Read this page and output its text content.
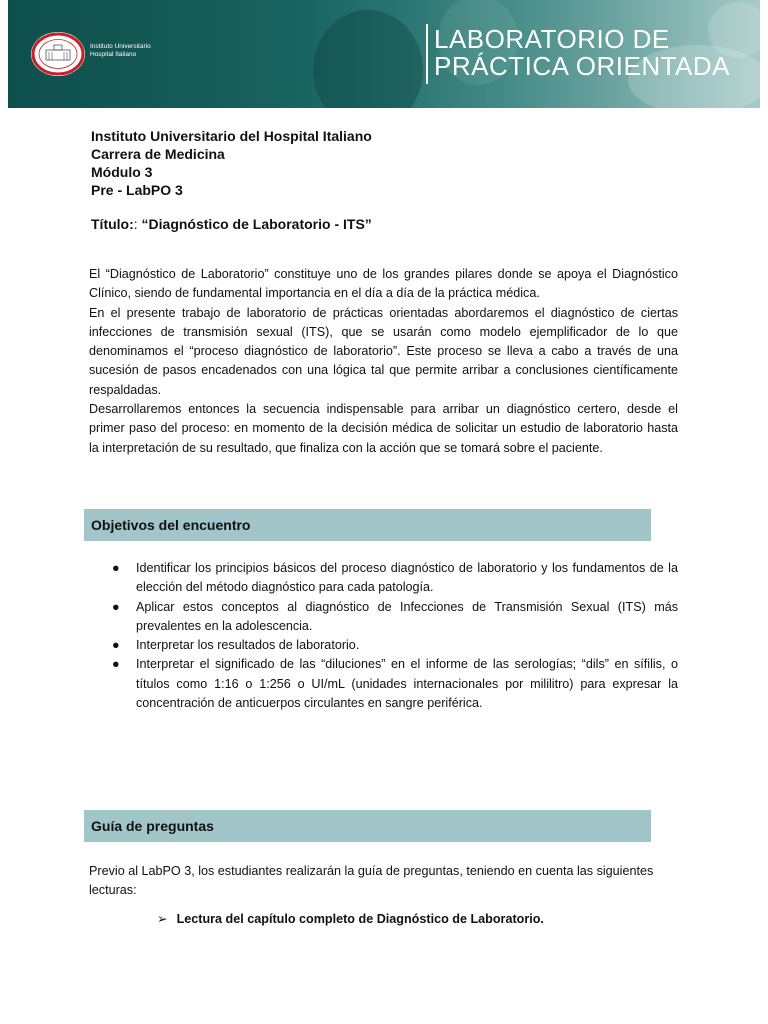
Instituto Universitario
Hospital Italiano
LABORATORIO DE
PRÁCTICA ORIENTADA
Instituto Universitario del Hospital Italiano
Carrera de Medicina
Módulo 3
Pre - LabPO 3
Título:: “Diagnóstico de Laboratorio - ITS”

El “Diagnóstico de Laboratorio” constituye uno de los grandes pilares donde se apoya el Diagnóstico Clínico, siendo de fundamental importancia en el día a día de la práctica médica.

En el presente trabajo de laboratorio de prácticas orientadas abordaremos el diagnóstico de ciertas infecciones de transmisión sexual (ITS), que se usarán como modelo ejemplificador de lo que denominamos el “proceso diagnóstico de laboratorio”. Este proceso se lleva a cabo a través de una sucesión de pasos encadenados con una lógica tal que permite arribar a conclusiones científicamente respaldadas.

Desarrollaremos entonces la secuencia indispensable para arribar un diagnóstico certero, desde el primer paso del proceso: en momento de la decisión médica de solicitar un estudio de laboratorio hasta la interpretación de su resultado, que finaliza con la acción que se tomará sobre el paciente.

Objetivos del encuentro
● Identificar los principios básicos del proceso diagnóstico de laboratorio y los fundamentos de la elección del método diagnóstico para cada patología.
● Aplicar estos conceptos al diagnóstico de Infecciones de Transmisión Sexual (ITS) más prevalentes en la adolescencia.
● Interpretar los resultados de laboratorio.
● Interpretar el significado de las “diluciones” en el informe de las serologías; “dils” en sífilis, o títulos como 1:16 o 1:256 o UI/mL (unidades internacionales por mililitro) para expresar la concentración de anticuerpos circulantes en sangre periférica.
Guía de preguntas
Previo al LabPO 3, los estudiantes realizarán la guía de preguntas, teniendo en cuenta las siguientes lecturas:
➢ Lectura del capítulo completo de Diagnóstico de Laboratorio.
